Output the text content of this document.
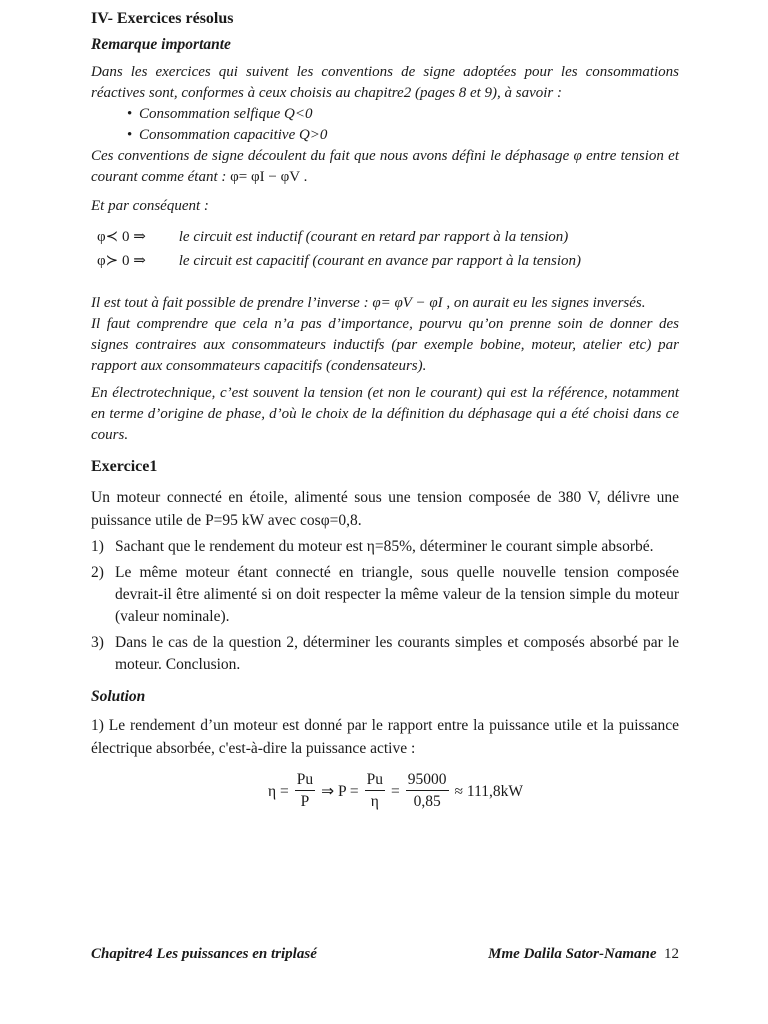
IV- Exercices résolus
Remarque importante

Dans les exercices qui suivent les conventions de signe adoptées pour les consommations réactives sont, conformes à ceux choisis au chapitre2 (pages 8 et 9), à savoir :

• Consommation selfique Q<0
• Consommation capacitive Q>0

Ces conventions de signe découlent du fait que nous avons défini le déphasage φ entre tension et courant comme étant : φ= φI − φV .

Et par conséquent :

φ≺ 0 ⇒ le circuit est inductif (courant en retard par rapport à la tension)
φ≻ 0 ⇒ le circuit est capacitif (courant en avance par rapport à la tension)

Il est tout à fait possible de prendre l’inverse : φ= φV − φI , on aurait eu les signes inversés.

Il faut comprendre que cela n’a pas d’importance, pourvu qu’on prenne soin de donner des signes contraires aux consommateurs inductifs (par exemple bobine, moteur, atelier etc) par rapport aux consommateurs capacitifs (condensateurs).

En électrotechnique, c’est souvent la tension (et non le courant) qui est la référence, notamment en terme d’origine de phase, d’où le choix de la définition du déphasage qui a été choisi dans ce cours.

Exercice1

Un moteur connecté en étoile, alimenté sous une tension composée de 380 V, délivre une puissance utile de P=95 kW avec cosφ=0,8.

1) Sachant que le rendement du moteur est η=85%, déterminer le courant simple absorbé.
2) Le même moteur étant connecté en triangle, sous quelle nouvelle tension composée devrait-il être alimenté si on doit respecter la même valeur de la tension simple du moteur (valeur nominale).
3) Dans le cas de la question 2, déterminer les courants simples et composés absorbé par le moteur. Conclusion.
Solution

1) Le rendement d’un moteur est donné par le rapport entre la puissance utile et la puissance électrique absorbée, c'est-à-dire la puissance active :

$\eta = \frac{Pu}{P}$ ⇒ $P = \frac{Pu}{\eta} = \frac{95000}{0,85} \approx 111,8kW$
Chapitre4 Les puissances en triplasé	Mme Dalila Sator-Namane 12
